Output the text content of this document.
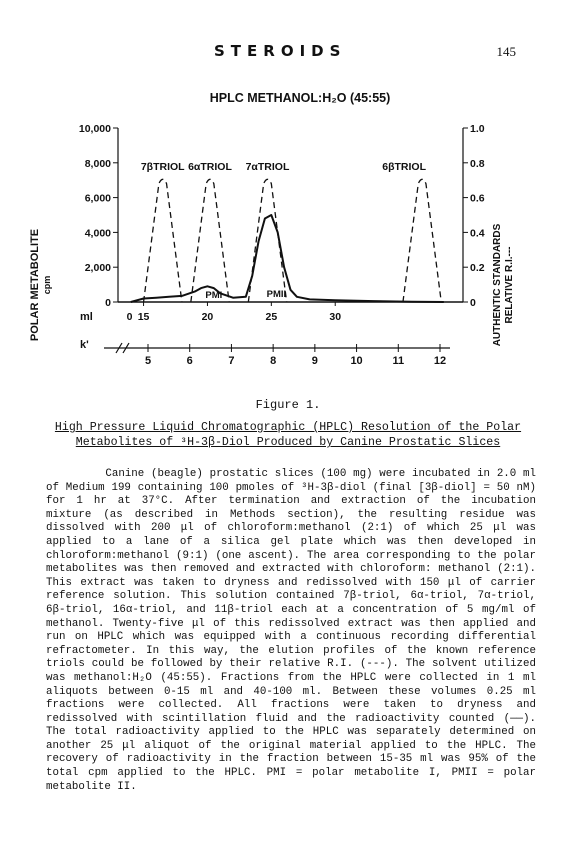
STEROIDS	145
HPLC METHANOL:H₂O (45:55)
POLAR METABOLITE cpm	AUTHENTIC STANDARDS RELATIVE R.I.---
ml
k'
0
2,000
4,000
6,000
8,000
10,000
0
0.2
0.4
0.6
0.8
1.0
15	20	25	30
0
5	6	7	8	9	10	11	12
7βTRIOL 6αTRIOL 7αTRIOL	6βTRIOL
PMI	PMII
Figure 1.
High Pressure Liquid Chromatographic (HPLC) Resolution of the Polar
Metabolites of ³H-3β-Diol Produced by Canine Prostatic Slices

Canine (beagle) prostatic slices (100 mg) were incubated in 2.0 ml of Medium 199 containing 100 pmoles of ³H-3β-diol (final [3β-diol] = 50 nM) for 1 hr at 37°C. After termination and extraction of the incubation mixture (as described in Methods section), the resulting residue was dissolved with 200 μl of chloroform:methanol (2:1) of which 25 μl was applied to a lane of a silica gel plate which was then developed in chloroform:methanol (9:1) (one ascent). The area corresponding to the polar metabolites was then removed and extracted with chloroform: methanol (2:1). This extract was taken to dryness and redissolved with 150 μl of carrier reference solution. This solution contained 7β-triol, 6α-triol, 7α-triol, 6β-triol, 16α-triol, and 11β-triol each at a concentration of 5 mg/ml of methanol. Twenty-five μl of this redissolved extract was then applied and run on HPLC which was equipped with a continuous recording differential refractometer. In this way, the elution profiles of the known reference triols could be followed by their relative R.I. (---). The solvent utilized was methanol:H₂O (45:55). Fractions from the HPLC were collected in 1 ml aliquots between 0-15 ml and 40-100 ml. Between these volumes 0.25 ml fractions were collected. All fractions were taken to dryness and redissolved with scintillation fluid and the radioactivity counted (——). The total radioactivity applied to the HPLC was separately determined on another 25 μl aliquot of the original material applied to the HPLC. The recovery of radioactivity in the fraction between 15-35 ml was 95% of the total cpm applied to the HPLC. PMI = polar metabolite I, PMII = polar metabolite II.
